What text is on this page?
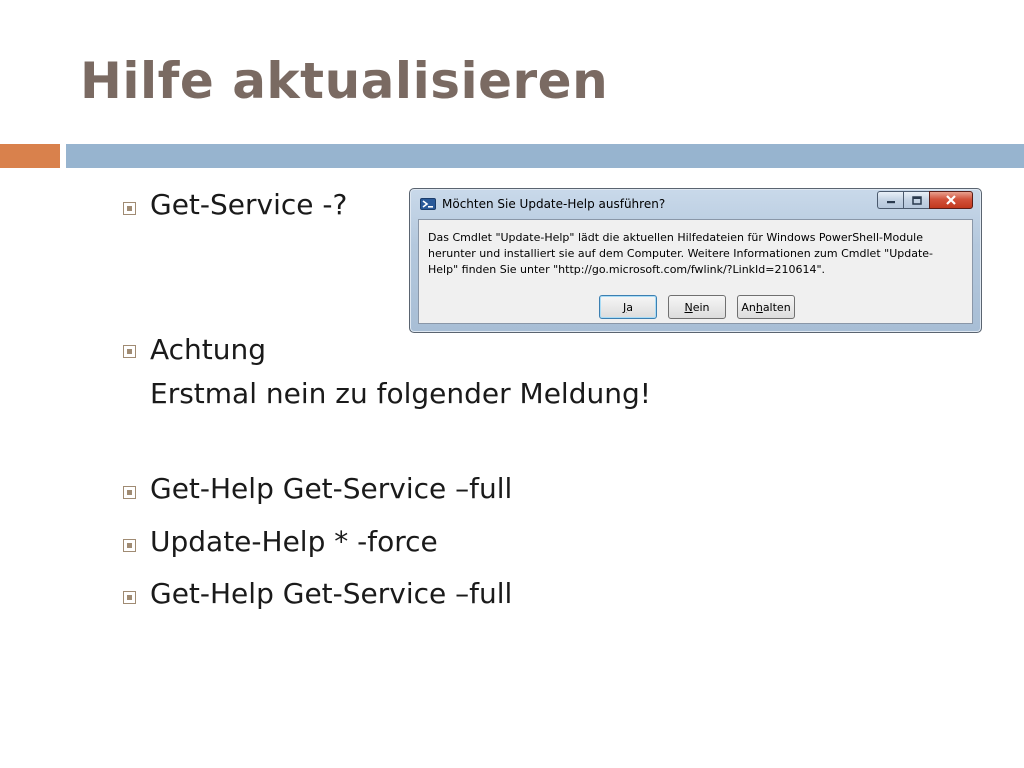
Hilfe aktualisieren
Get-Service -?
Achtung
Erstmal nein zu folgender Meldung!
Get-Help Get-Service –full
Update-Help * -force
Get-Help Get-Service –full
Möchten Sie Update-Help ausführen?

Das Cmdlet "Update-Help" lädt die aktuellen Hilfedateien für Windows PowerShell-Module
herunter und installiert sie auf dem Computer. Weitere Informationen zum Cmdlet "Update-
Help" finden Sie unter "http://go.microsoft.com/fwlink/?LinkId=210614".

J a	N ein	An h alten
